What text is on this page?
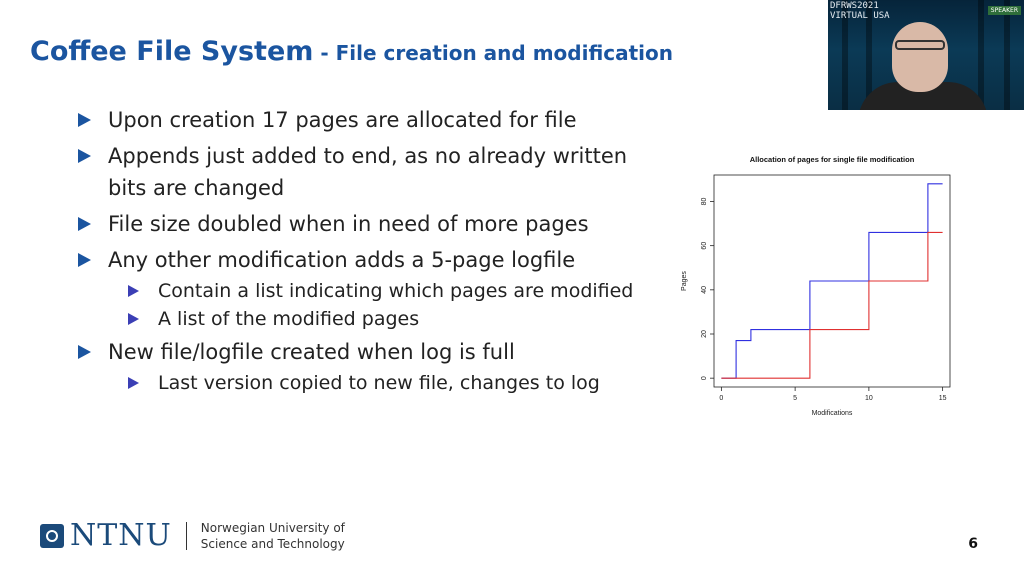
Coffee File System - File creation and modification
Upon creation 17 pages are allocated for file
Appends just added to end, as no already written bits are changed
File size doubled when in need of more pages
Any other modification adds a 5-page logfile
Contain a list indicating which pages are modified
A list of the modified pages
New file/logfile created when log is full
Last version copied to new file, changes to log
DFRWS2021
VIRTUAL USA
SPEAKER
Allocation of pages for single file modification
0	5	10	15
0
20
40
60
80
Modifications
Pages
NTNU Norwegian University of
Science and Technology	6
